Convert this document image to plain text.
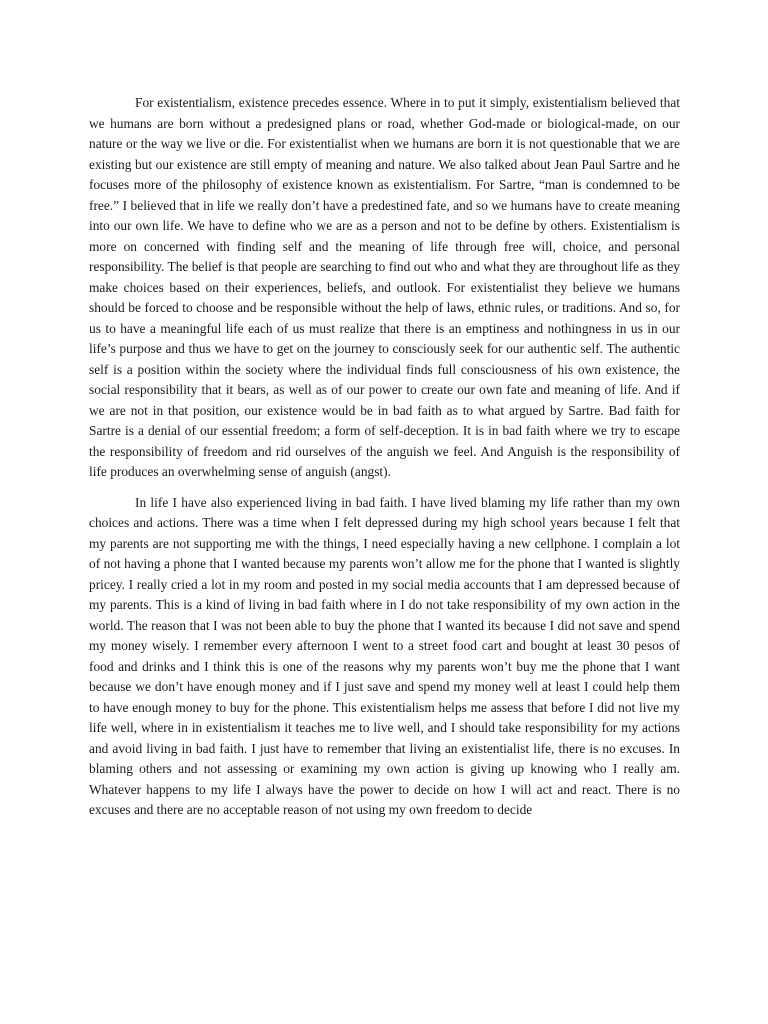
For existentialism, existence precedes essence. Where in to put it simply, existentialism believed that we humans are born without a predesigned plans or road, whether God-made or biological-made, on our nature or the way we live or die. For existentialist when we humans are born it is not questionable that we are existing but our existence are still empty of meaning and nature. We also talked about Jean Paul Sartre and he focuses more of the philosophy of existence known as existentialism. For Sartre, “man is condemned to be free.” I believed that in life we really don’t have a predestined fate, and so we humans have to create meaning into our own life. We have to define who we are as a person and not to be define by others. Existentialism is more on concerned with finding self and the meaning of life through free will, choice, and personal responsibility. The belief is that people are searching to find out who and what they are throughout life as they make choices based on their experiences, beliefs, and outlook. For existentialist they believe we humans should be forced to choose and be responsible without the help of laws, ethnic rules, or traditions. And so, for us to have a meaningful life each of us must realize that there is an emptiness and nothingness in us in our life’s purpose and thus we have to get on the journey to consciously seek for our authentic self. The authentic self is a position within the society where the individual finds full consciousness of his own existence, the social responsibility that it bears, as well as of our power to create our own fate and meaning of life. And if we are not in that position, our existence would be in bad faith as to what argued by Sartre. Bad faith for Sartre is a denial of our essential freedom; a form of self-deception. It is in bad faith where we try to escape the responsibility of freedom and rid ourselves of the anguish we feel. And Anguish is the responsibility of life produces an overwhelming sense of anguish (angst).

In life I have also experienced living in bad faith. I have lived blaming my life rather than my own choices and actions. There was a time when I felt depressed during my high school years because I felt that my parents are not supporting me with the things, I need especially having a new cellphone. I complain a lot of not having a phone that I wanted because my parents won’t allow me for the phone that I wanted is slightly pricey. I really cried a lot in my room and posted in my social media accounts that I am depressed because of my parents. This is a kind of living in bad faith where in I do not take responsibility of my own action in the world. The reason that I was not been able to buy the phone that I wanted its because I did not save and spend my money wisely. I remember every afternoon I went to a street food cart and bought at least 30 pesos of food and drinks and I think this is one of the reasons why my parents won’t buy me the phone that I want because we don’t have enough money and if I just save and spend my money well at least I could help them to have enough money to buy for the phone. This existentialism helps me assess that before I did not live my life well, where in in existentialism it teaches me to live well, and I should take responsibility for my actions and avoid living in bad faith. I just have to remember that living an existentialist life, there is no excuses. In blaming others and not assessing or examining my own action is giving up knowing who I really am. Whatever happens to my life I always have the power to decide on how I will act and react. There is no excuses and there are no acceptable reason of not using my own freedom to decide
